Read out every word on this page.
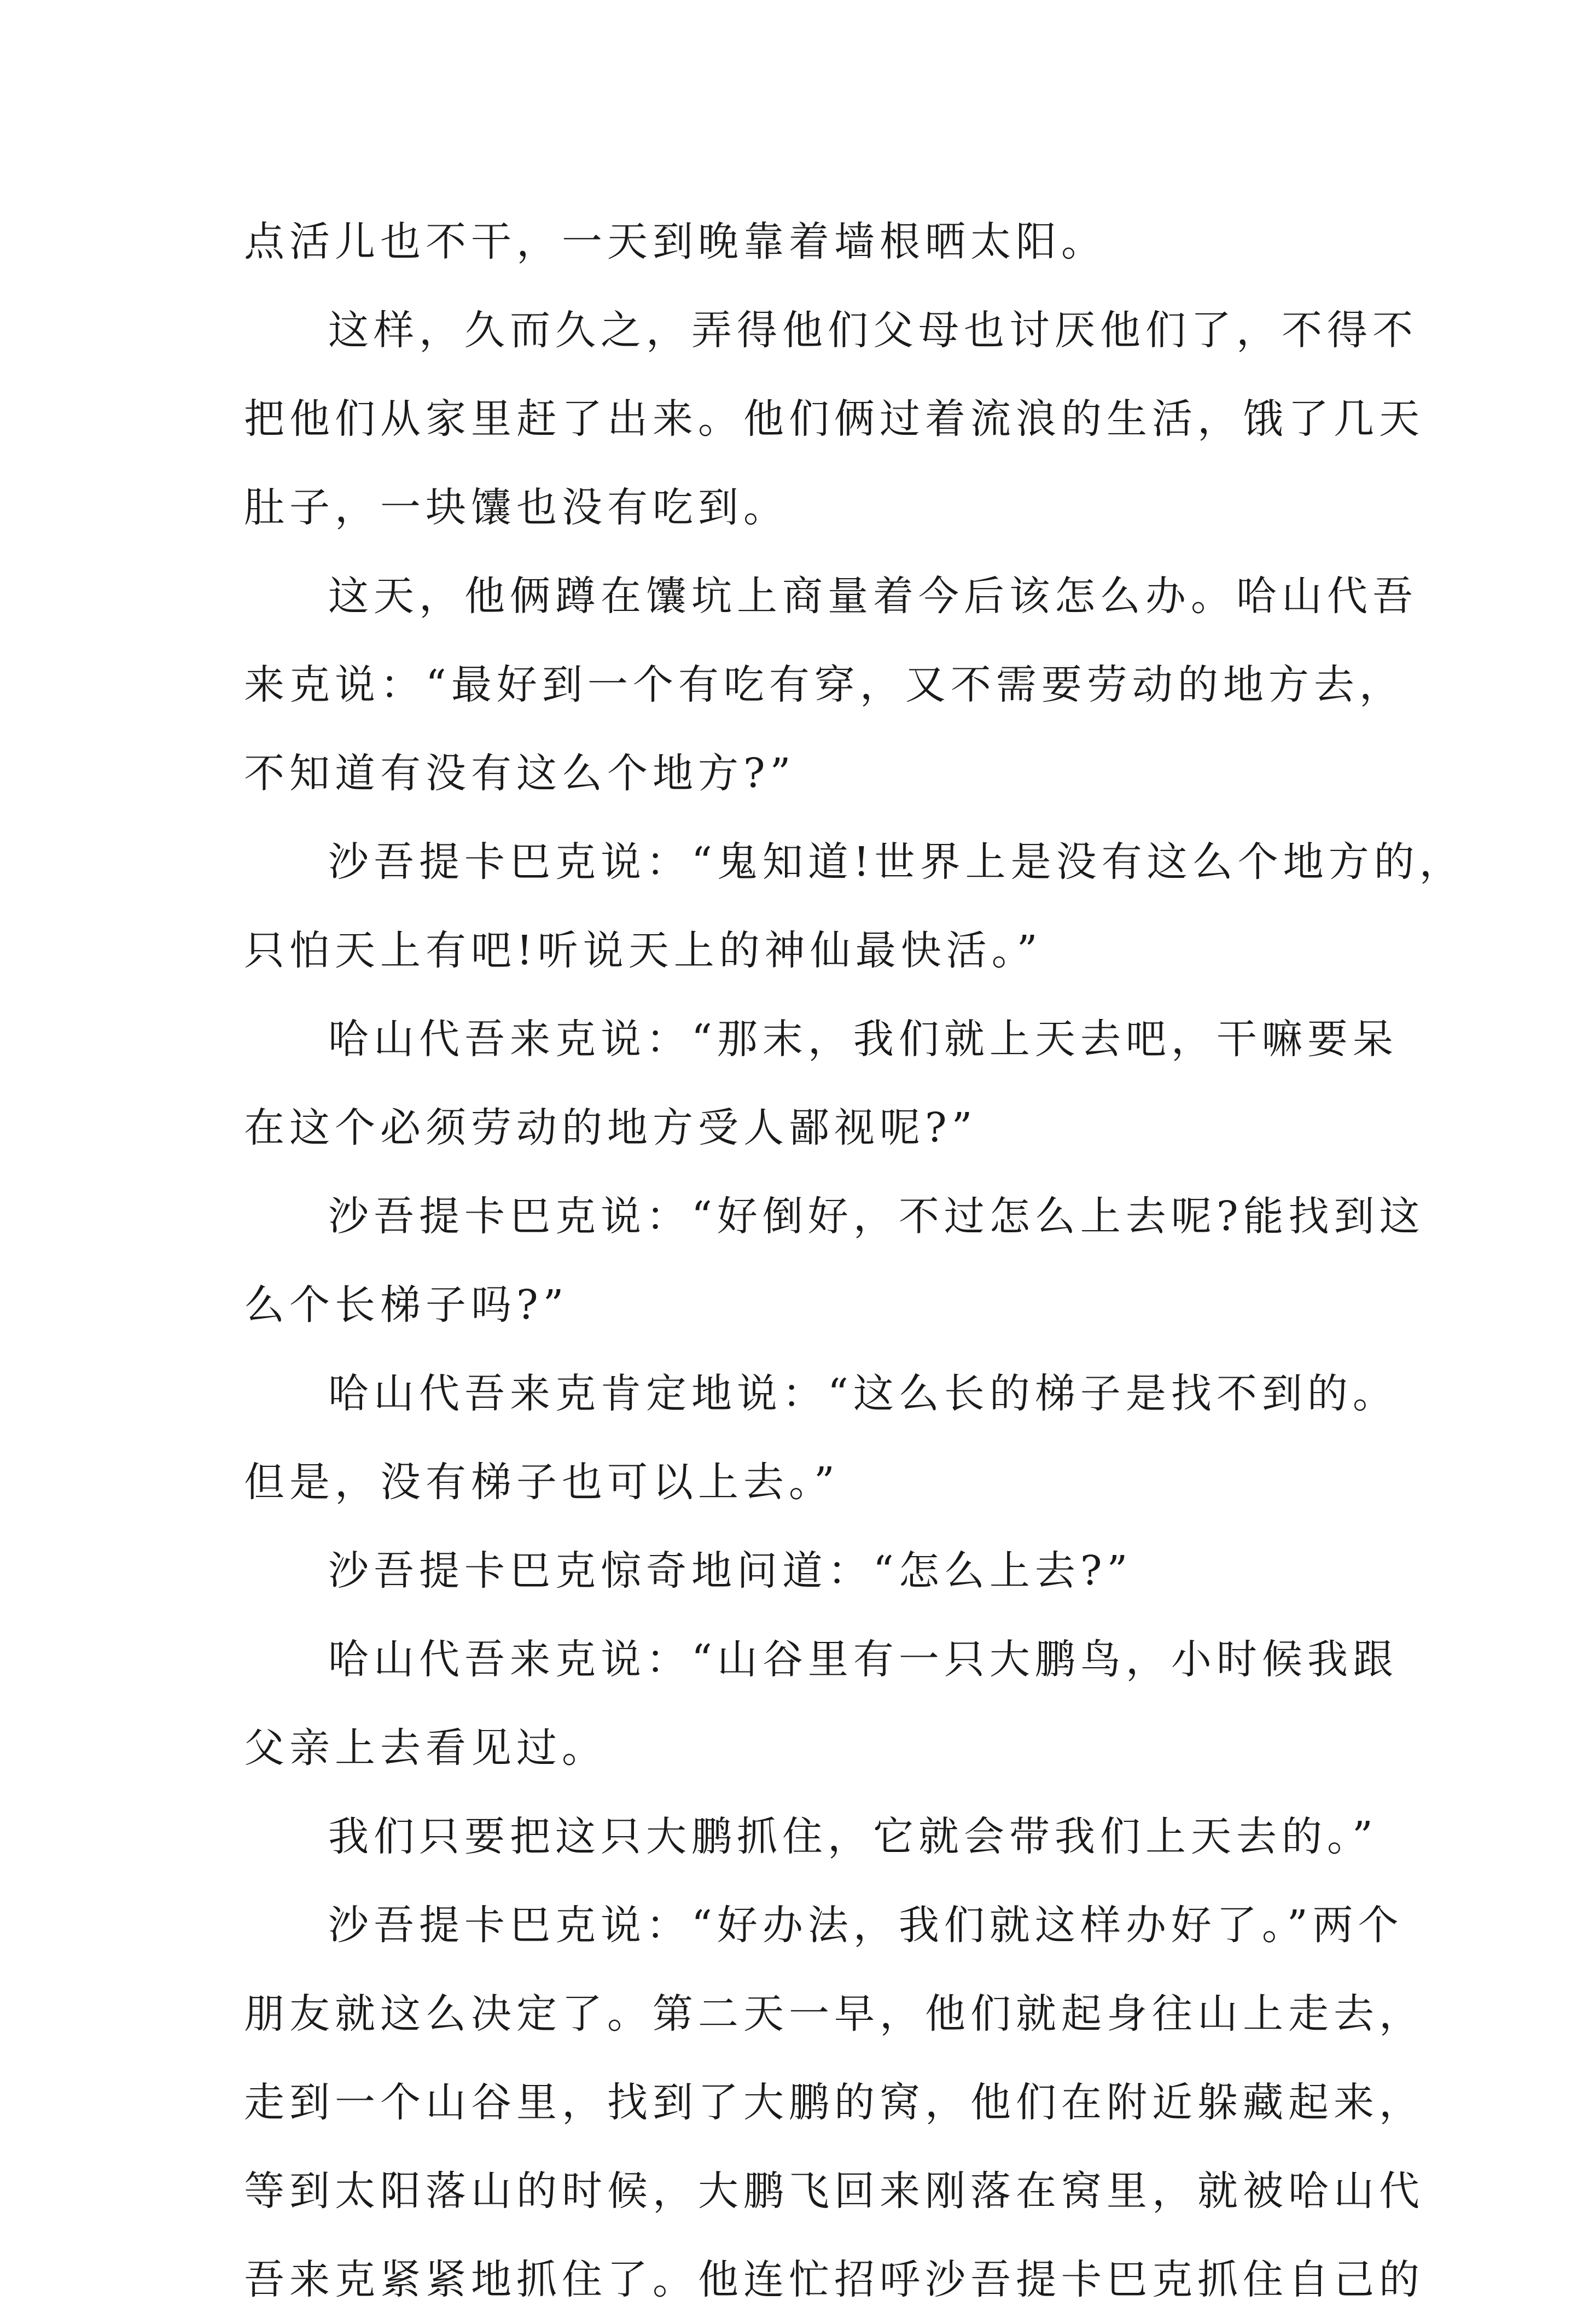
点活儿也不干，一天到晚靠着墙根晒太阳。
这样，久而久之，弄得他们父母也讨厌他们了，不得不
把他们从家里赶了出来。他们俩过着流浪的生活，饿了几天
肚子，一块馕也没有吃到。
这天，他俩蹲在馕坑上商量着今后该怎么办。哈山代吾
来克说：“最好到一个有吃有穿，又不需要劳动的地方去，
不知道有没有这么个地方?”
沙吾提卡巴克说：“鬼知道!世界上是没有这么个地方的，
只怕天上有吧!听说天上的神仙最快活。”
哈山代吾来克说：“那末，我们就上天去吧，干嘛要呆
在这个必须劳动的地方受人鄙视呢?”
沙吾提卡巴克说：“好倒好，不过怎么上去呢?能找到这
么个长梯子吗?”
哈山代吾来克肯定地说：“这么长的梯子是找不到的。
但是，没有梯子也可以上去。”
沙吾提卡巴克惊奇地问道：“怎么上去?”
哈山代吾来克说：“山谷里有一只大鹏鸟，小时候我跟
父亲上去看见过。
我们只要把这只大鹏抓住，它就会带我们上天去的。”
沙吾提卡巴克说：“好办法，我们就这样办好了。”两个
朋友就这么决定了。第二天一早，他们就起身往山上走去，
走到一个山谷里，找到了大鹏的窝，他们在附近躲藏起来，
等到太阳落山的时候，大鹏飞回来刚落在窝里，就被哈山代
吾来克紧紧地抓住了。他连忙招呼沙吾提卡巴克抓住自己的
